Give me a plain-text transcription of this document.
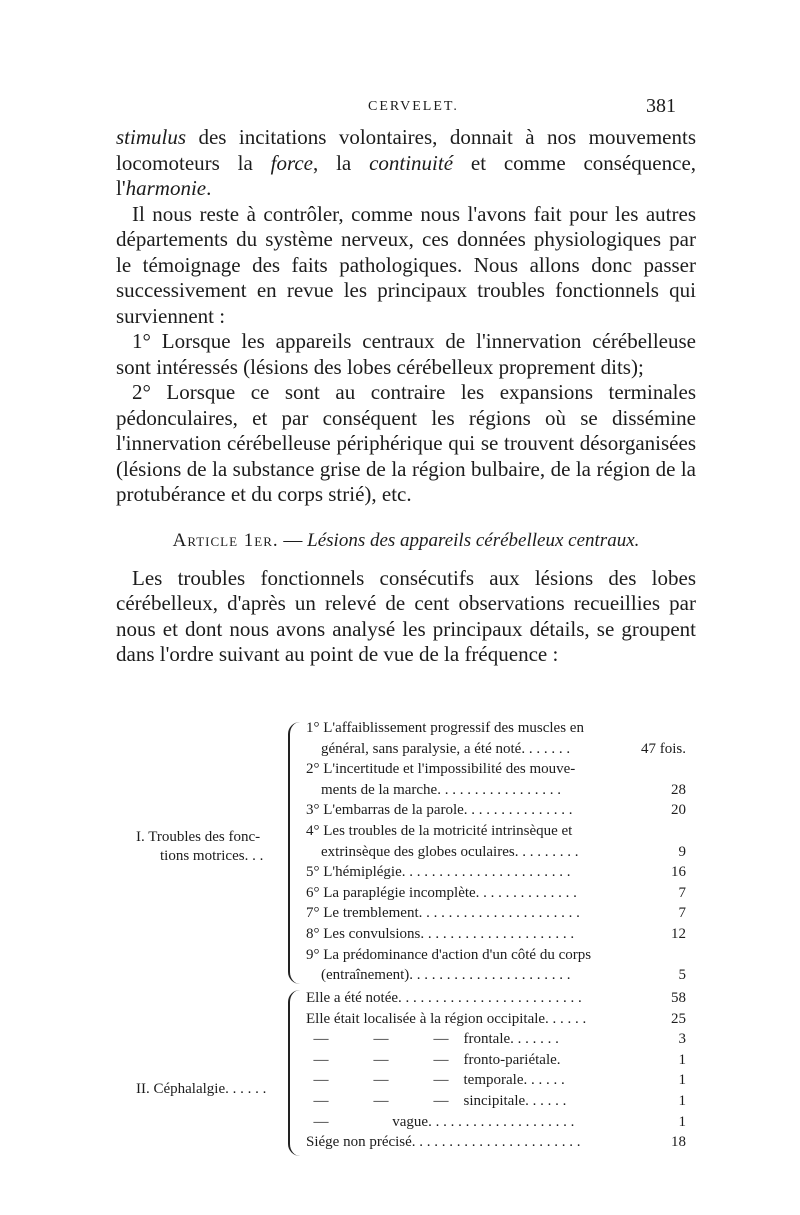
CERVELET.	381

stimulus des incitations volontaires, donnait à nos mouvements locomoteurs la force, la continuité et comme conséquence, l'harmonie.

Il nous reste à contrôler, comme nous l'avons fait pour les autres départements du système nerveux, ces données physiologiques par le témoignage des faits pathologiques. Nous allons donc passer successivement en revue les principaux troubles fonctionnels qui surviennent :

1° Lorsque les appareils centraux de l'innervation cérébelleuse sont intéressés (lésions des lobes cérébelleux proprement dits);

2° Lorsque ce sont au contraire les expansions terminales pédonculaires, et par conséquent les régions où se dissémine l'innervation cérébelleuse périphérique qui se trouvent désorganisées (lésions de la substance grise de la région bulbaire, de la région de la protubérance et du corps strié), etc.

Article 1er. — Lésions des appareils cérébelleux centraux.

Les troubles fonctionnels consécutifs aux lésions des lobes cérébelleux, d'après un relevé de cent observations recueillies par nous et dont nous avons analysé les principaux détails, se groupent dans l'ordre suivant au point de vue de la fréquence :

I. Troubles des fonc-
tions motrices. . .
1° L'affaiblissement progressif des muscles en
général, sans paralysie, a été noté. . . . . . .	47 fois.
2° L'incertitude et l'impossibilité des mouve-
ments de la marche. . . . . . . . . . . . . . . . .	28
3° L'embarras de la parole. . . . . . . . . . . . . . .	20
4° Les troubles de la motricité intrinsèque et
extrinsèque des globes oculaires. . . . . . . . .	9
5° L'hémiplégie. . . . . . . . . . . . . . . . . . . . . . .	16
6° La paraplégie incomplète. . . . . . . . . . . . . .	7
7° Le tremblement. . . . . . . . . . . . . . . . . . . . . .	7
8° Les convulsions. . . . . . . . . . . . . . . . . . . . .	12
9° La prédominance d'action d'un côté du corps
(entraînement). . . . . . . . . . . . . . . . . . . . . .	5
II. Céphalalgie. . . . . .
Elle a été notée. . . . . . . . . . . . . . . . . . . . . . . . .	58
Elle était localisée à la région occipitale. . . . . .	25
—            —            —    frontale. . . . . . .	3
—            —            —    fronto-pariétale.	1
—            —            —    temporale. . . . . .	1
—            —            —    sincipitale. . . . . .	1
—                 vague. . . . . . . . . . . . . . . . . . . .	1
Siége non précisé. . . . . . . . . . . . . . . . . . . . . . .	18
